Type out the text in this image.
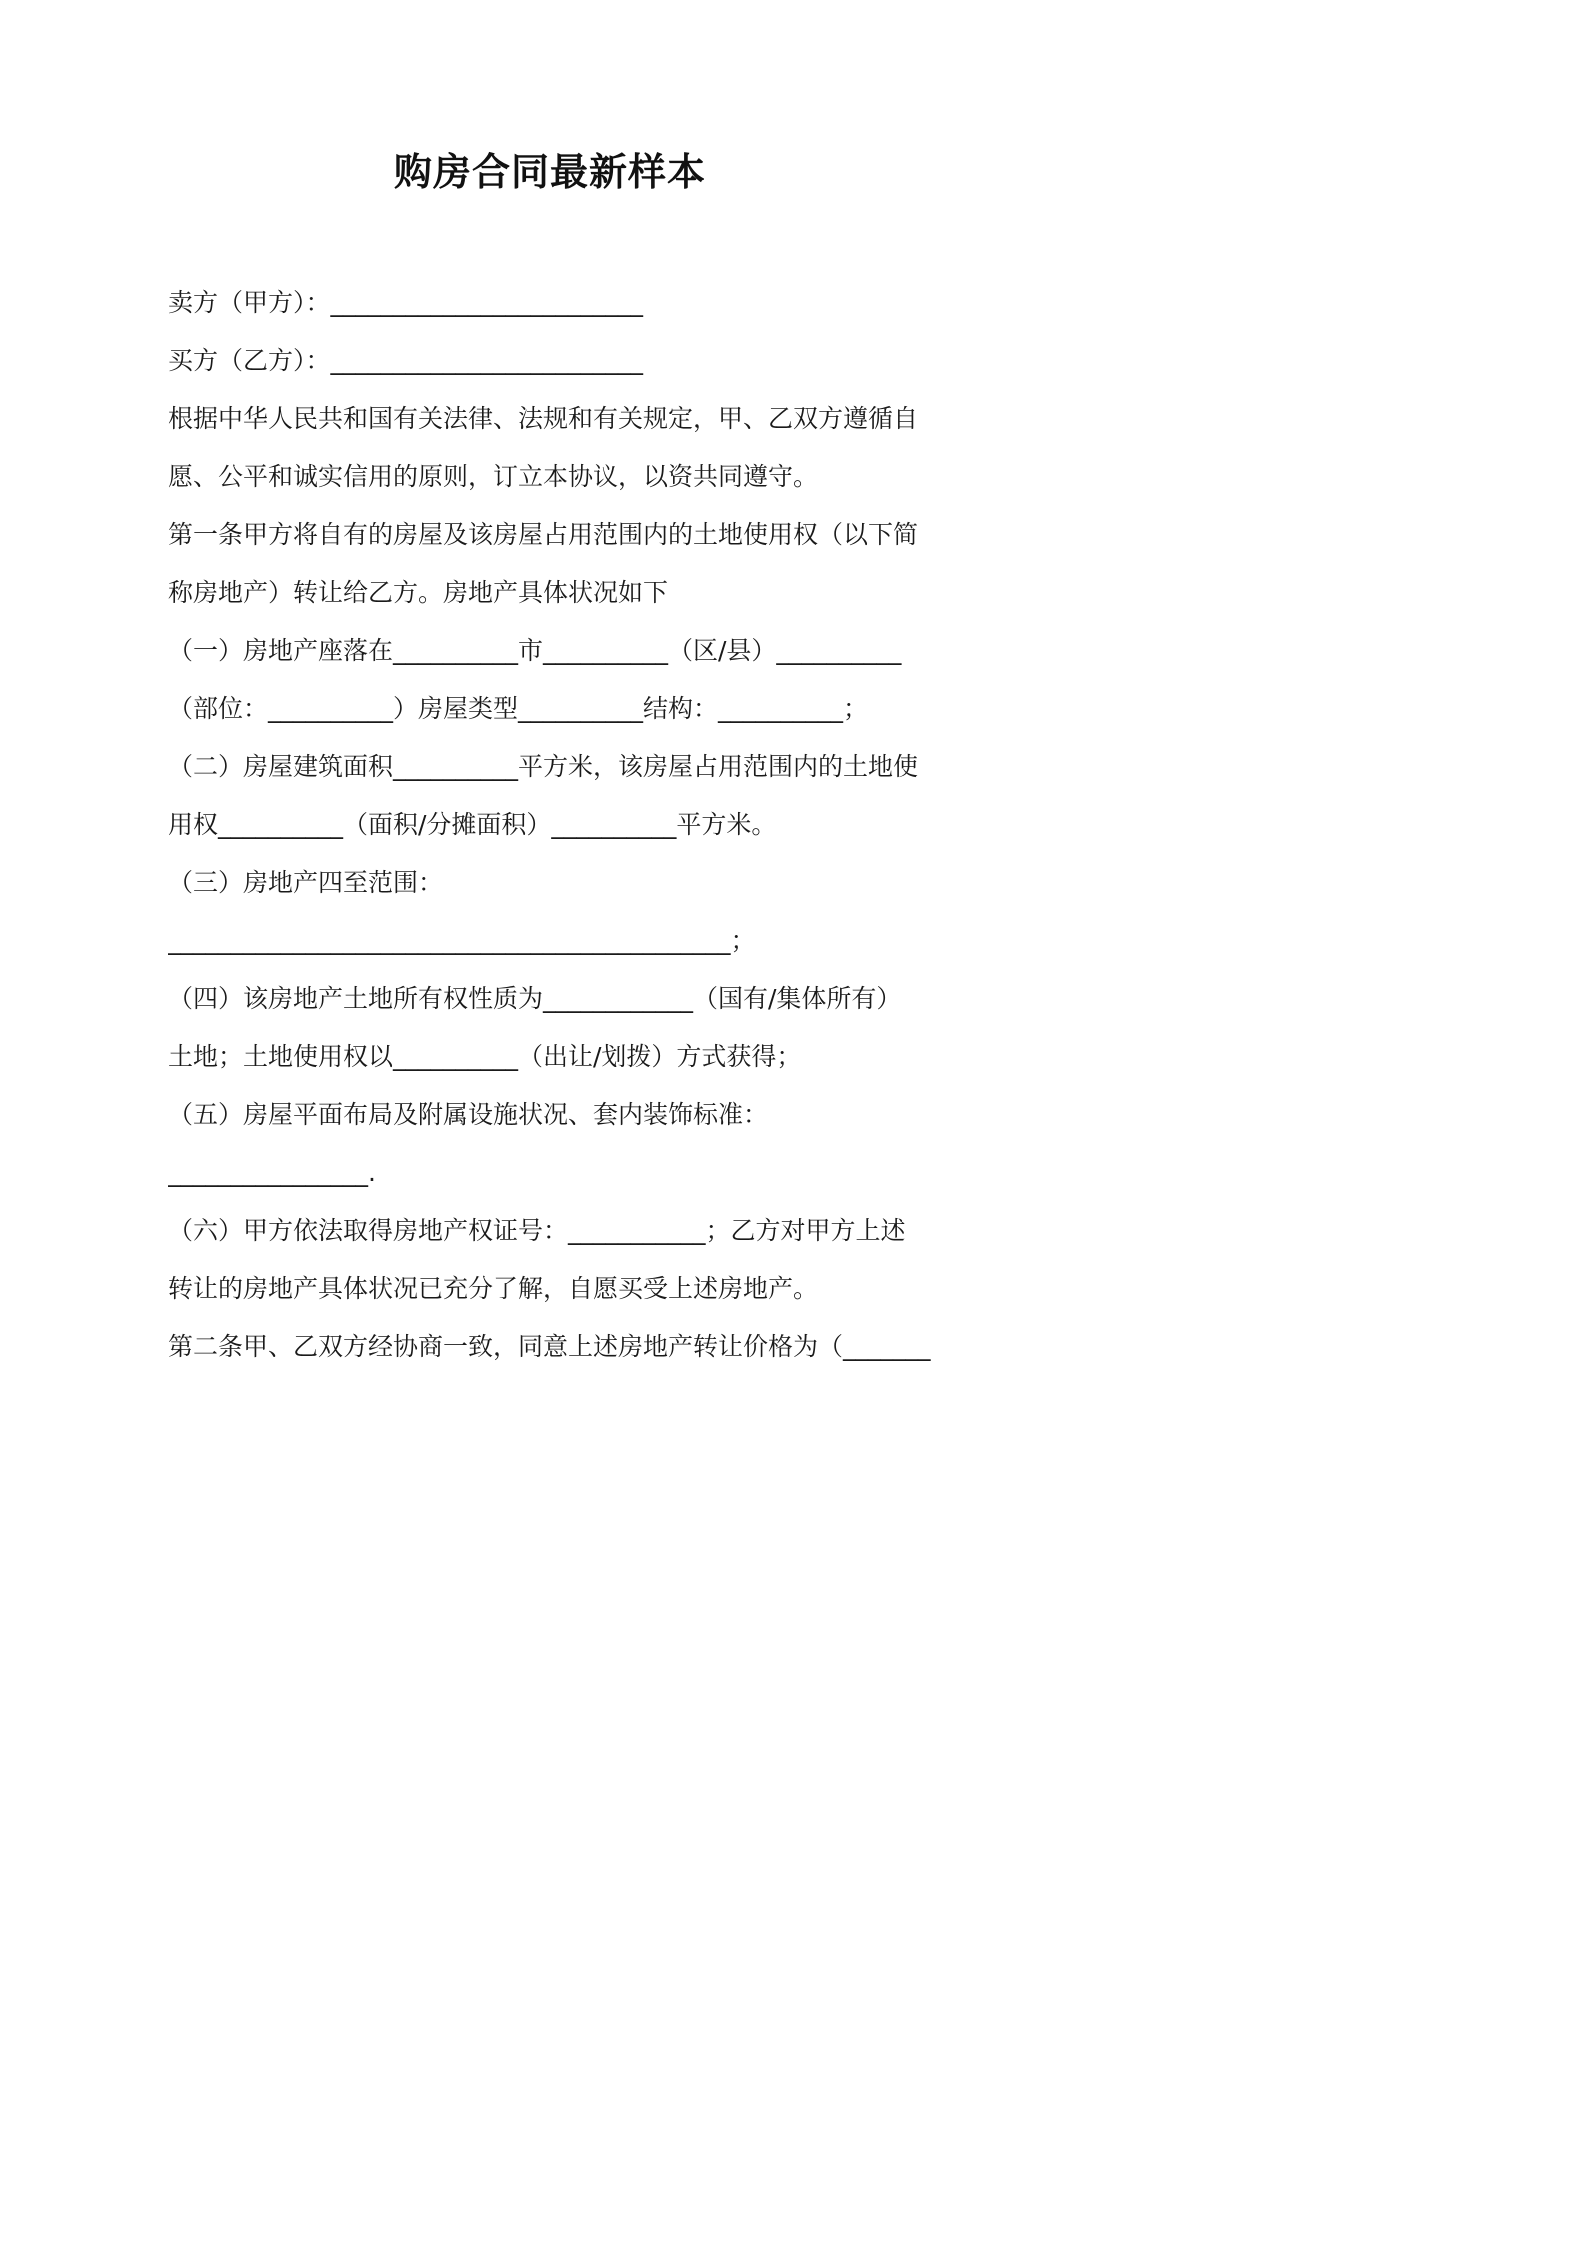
购房合同最新样本
卖方（甲方）：_________________________
买方（乙方）：_________________________
根据中华人民共和国有关法律、法规和有关规定，甲、乙双方遵循自
愿、公平和诚实信用的原则，订立本协议，以资共同遵守。
第一条甲方将自有的房屋及该房屋占用范围内的土地使用权（以下简
称房地产）转让给乙方。房地产具体状况如下
（一）房地产座落在__________市__________（区/县）__________
（部位：__________）房屋类型__________结构：__________；
（二）房屋建筑面积__________平方米，该房屋占用范围内的土地使
用权__________（面积/分摊面积）__________平方米。
（三）房地产四至范围：
_____________________________________________；
（四）该房地产土地所有权性质为____________（国有/集体所有）
土地；土地使用权以__________（出让/划拨）方式获得；
（五）房屋平面布局及附属设施状况、套内装饰标准：
________________.
（六）甲方依法取得房地产权证号：___________；乙方对甲方上述
转让的房地产具体状况已充分了解，自愿买受上述房地产。
第二条甲、乙双方经协商一致，同意上述房地产转让价格为（_______
